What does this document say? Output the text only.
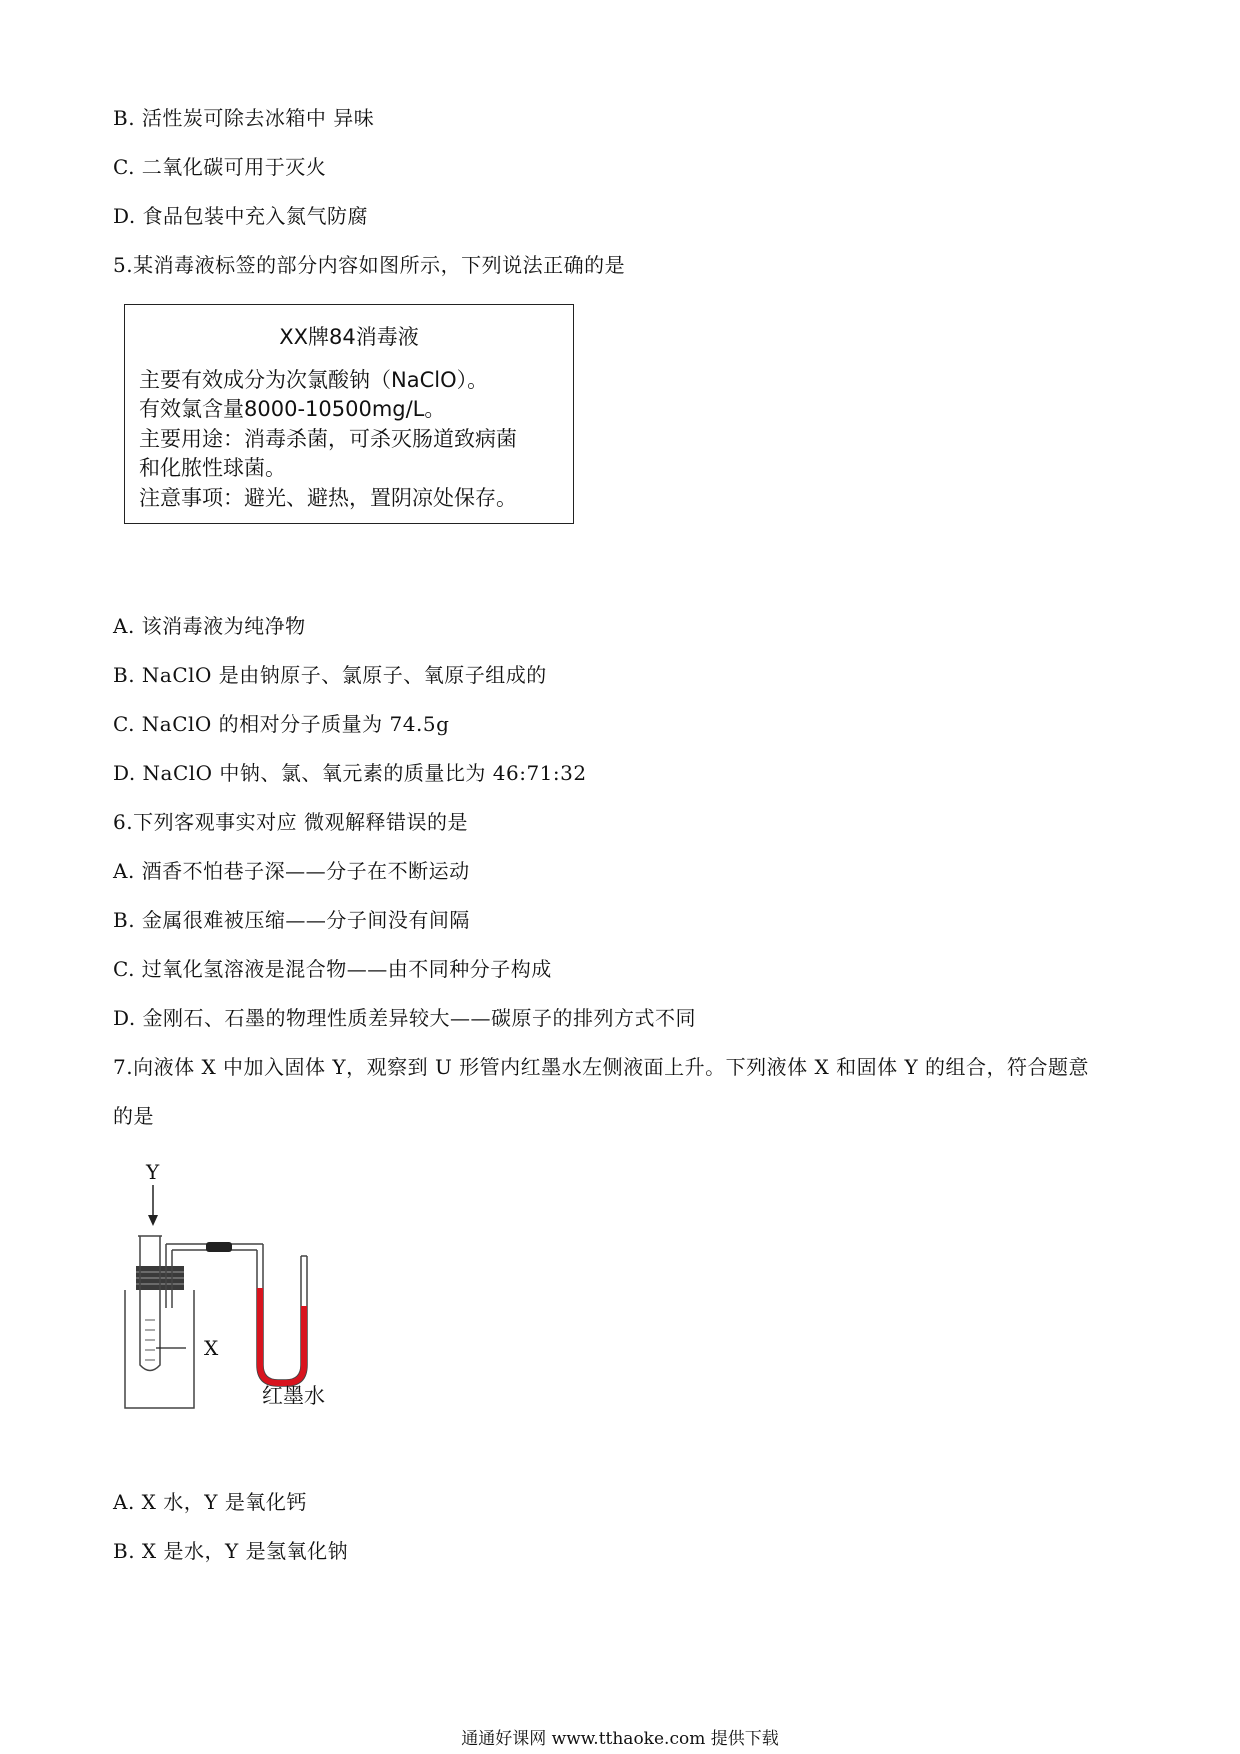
B. 活性炭可除去冰箱中 异味
C. 二氧化碳可用于灭火
D. 食品包装中充入氮气防腐
5.某消毒液标签的部分内容如图所示，下列说法正确的是
XX牌84消毒液
主要有效成分为次氯酸钠（NaClO）。
有效氯含量8000-10500mg/L。
主要用途：消毒杀菌，可杀灭肠道致病菌
和化脓性球菌。
注意事项：避光、避热，置阴凉处保存。
A. 该消毒液为纯净物
B. NaClO 是由钠原子、氯原子、氧原子组成的
C. NaClO 的相对分子质量为 74.5g
D. NaClO 中钠、氯、氧元素的质量比为 46:71:32
6.下列客观事实对应 微观解释错误的是
A. 酒香不怕巷子深——分子在不断运动
B. 金属很难被压缩——分子间没有间隔
C. 过氧化氢溶液是混合物——由不同种分子构成
D. 金刚石、石墨的物理性质差异较大——碳原子的排列方式不同
7.向液体 X 中加入固体 Y，观察到 U 形管内红墨水左侧液面上升。下列液体 X 和固体 Y 的组合，符合题意
的是
Y
X
红墨水
A. X 水，Y 是氧化钙
B. X 是水，Y 是氢氧化钠
通通好课网 www.tthaoke.com 提供下载
